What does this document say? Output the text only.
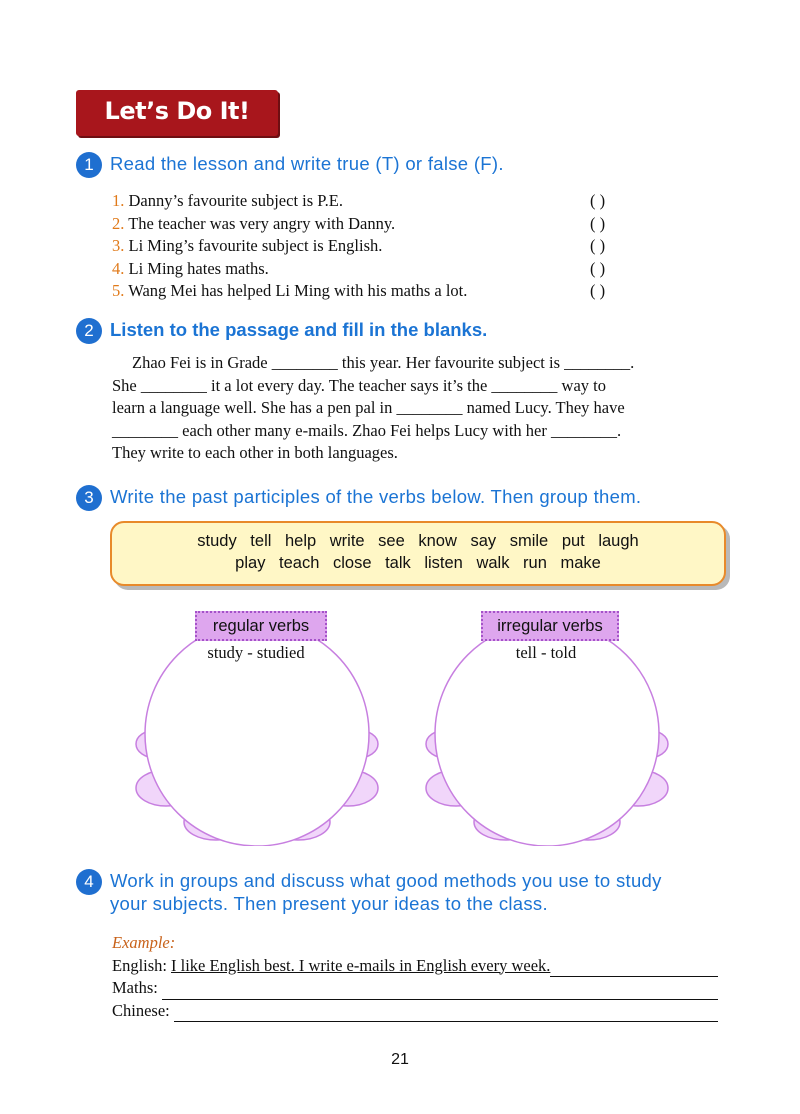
Let’s Do It!
1 Read the lesson and write true (T) or false (F).
1. Danny’s favourite subject is P.E.	( )
2. The teacher was very angry with Danny.	( )
3. Li Ming’s favourite subject is English.	( )
4. Li Ming hates maths.	( )
5. Wang Mei has helped Li Ming with his maths a lot.	( )
2 Listen to the passage and fill in the blanks.

Zhao Fei is in Grade ________ this year. Her favourite subject is ________.

She ________ it a lot every day. The teacher says it’s the ________ way to

learn a language well. She has a pen pal in ________ named Lucy. They have

________ each other many e-mails. Zhao Fei helps Lucy with her ________.

They write to each other in both languages.

3 Write the past participles of the verbs below. Then group them.
study tell help write see know say smile put laugh
play teach close talk listen walk run make
regular verbs
study - studied
irregular verbs
tell - told
4 Work in groups and discuss what good methods you use to study
your subjects. Then present your ideas to the class.
Example:
English: I like English best. I write e-mails in English every week.
Maths:
Chinese:
21
